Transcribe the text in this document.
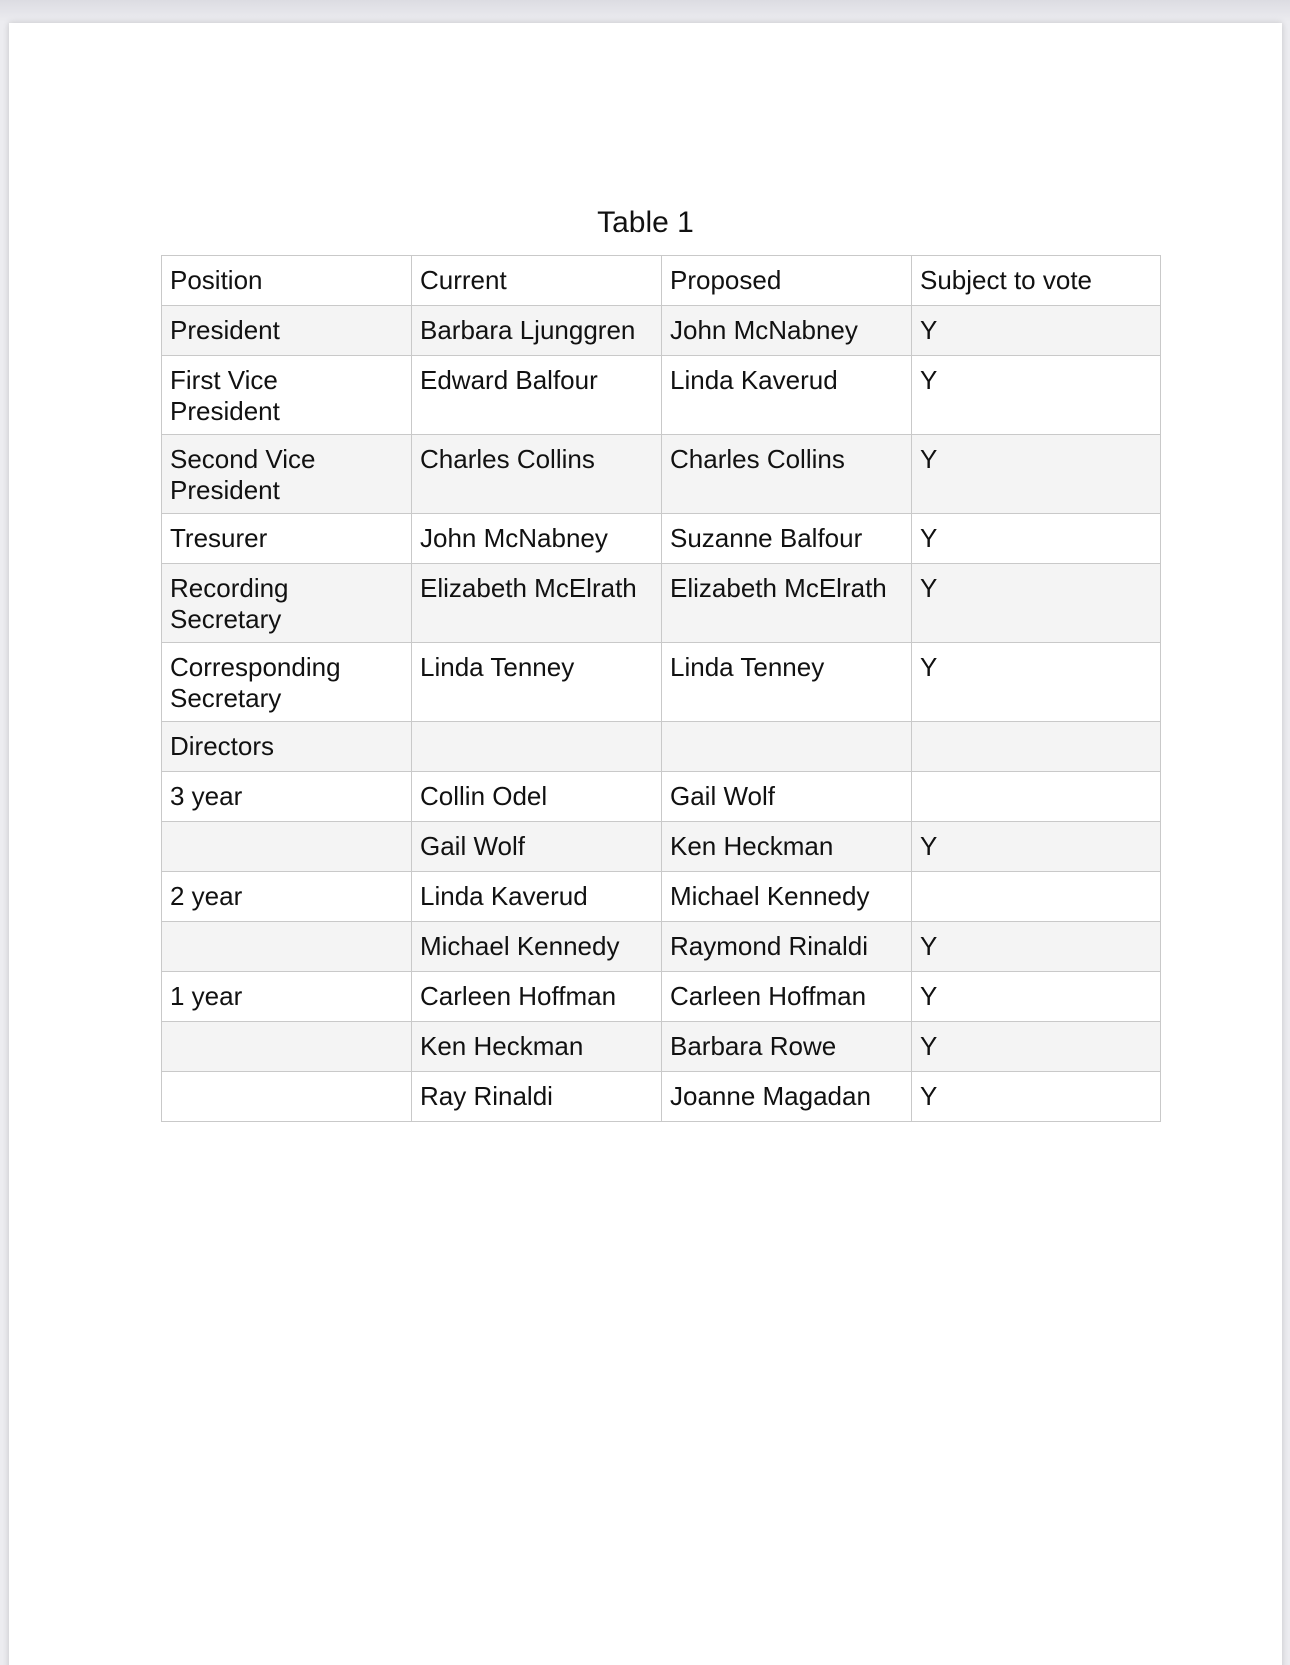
Table 1
Position	Current	Proposed	Subject to vote
President	Barbara Ljunggren	John McNabney	Y
First Vice
President	Edward Balfour	Linda Kaverud	Y
Second Vice
President	Charles Collins	Charles Collins	Y
Tresurer	John McNabney	Suzanne Balfour	Y
Recording
Secretary	Elizabeth McElrath	Elizabeth McElrath	Y
Corresponding
Secretary	Linda Tenney	Linda Tenney	Y
Directors			
3 year	Collin Odel	Gail Wolf	
	Gail Wolf	Ken Heckman	Y
2 year	Linda Kaverud	Michael Kennedy	
	Michael Kennedy	Raymond Rinaldi	Y
1 year	Carleen Hoffman	Carleen Hoffman	Y
	Ken Heckman	Barbara Rowe	Y
	Ray Rinaldi	Joanne Magadan	Y
